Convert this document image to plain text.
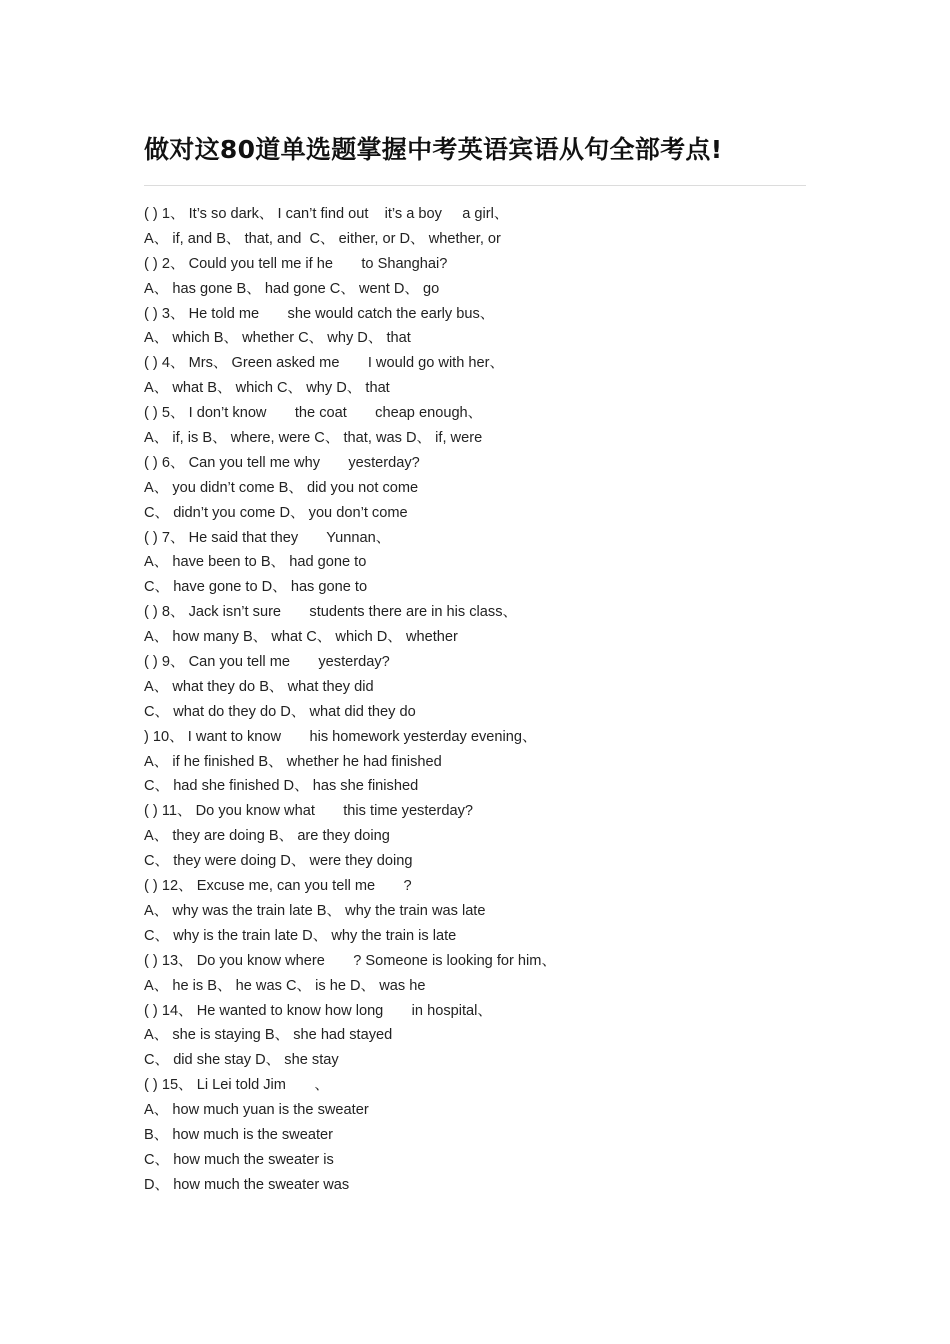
做对这80道单选题掌握中考英语宾语从句全部考点!
( ) 1、 It’s so dark、 I can’t find out    it’s a boy     a girl、
A、 if, and B、 that, and  C、 either, or D、 whether, or
( ) 2、 Could you tell me if he       to Shanghai?
A、 has gone B、 had gone C、 went D、 go
( ) 3、 He told me       she would catch the early bus、
A、 which B、 whether C、 why D、 that
( ) 4、 Mrs、 Green asked me       I would go with her、
A、 what B、 which C、 why D、 that
( ) 5、 I don’t know       the coat       cheap enough、
A、 if, is B、 where, were C、 that, was D、 if, were
( ) 6、 Can you tell me why       yesterday?
A、 you didn’t come B、 did you not come
C、 didn’t you come D、 you don’t come
( ) 7、 He said that they       Yunnan、
A、 have been to B、 had gone to
C、 have gone to D、 has gone to
( ) 8、 Jack isn’t sure       students there are in his class、
A、 how many B、 what C、 which D、 whether
( ) 9、 Can you tell me       yesterday?
A、 what they do B、 what they did
C、 what do they do D、 what did they do
) 10、 I want to know       his homework yesterday evening、
A、 if he finished B、 whether he had finished
C、 had she finished D、 has she finished
( ) 11、 Do you know what       this time yesterday?
A、 they are doing B、 are they doing
C、 they were doing D、 were they doing
( ) 12、 Excuse me, can you tell me       ?
A、 why was the train late B、 why the train was late
C、 why is the train late D、 why the train is late
( ) 13、 Do you know where       ? Someone is looking for him、
A、 he is B、 he was C、 is he D、 was he
( ) 14、 He wanted to know how long       in hospital、
A、 she is staying B、 she had stayed
C、 did she stay D、 she stay
( ) 15、 Li Lei told Jim       、
A、 how much yuan is the sweater
B、 how much is the sweater
C、 how much the sweater is
D、 how much the sweater was
